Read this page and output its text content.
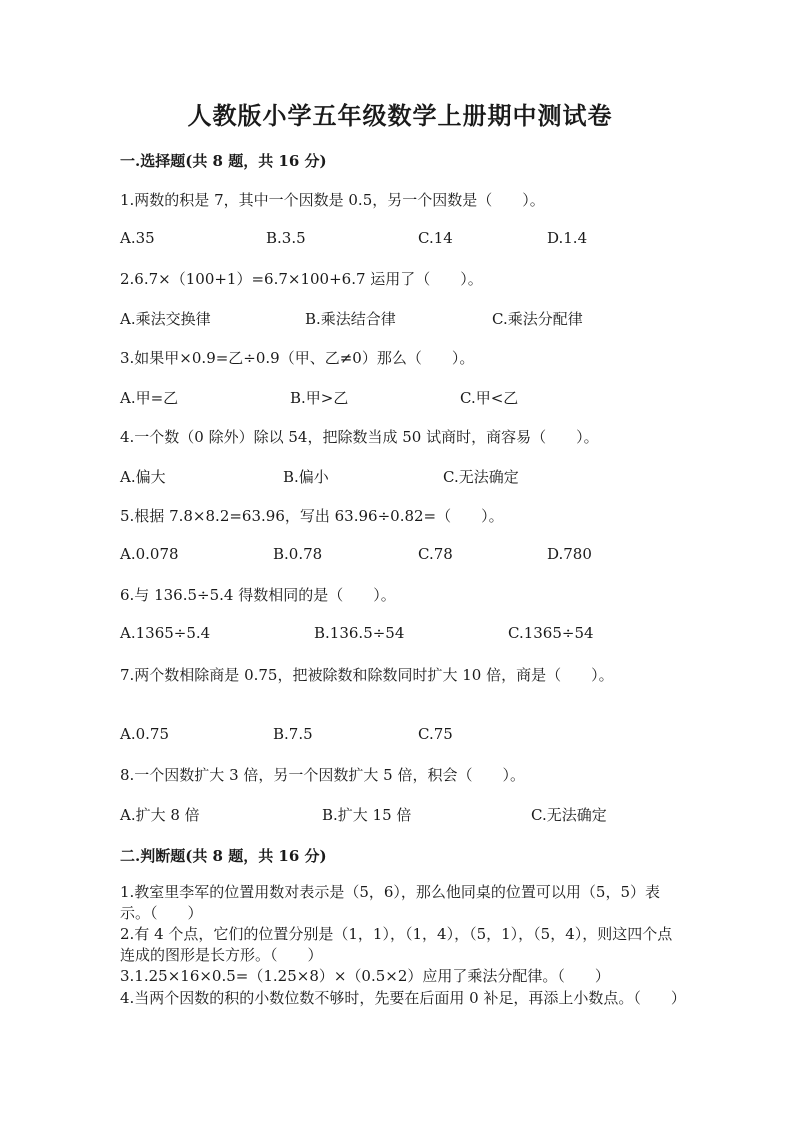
人教版小学五年级数学上册期中测试卷
一.选择题(共 8 题，共 16 分)
1.两数的积是 7，其中一个因数是 0.5，另一个因数是（　　）。
A.35	B.3.5	C.14	D.1.4
2.6.7×（100+1）=6.7×100+6.7 运用了（　　）。
A.乘法交换律	B.乘法结合律	C.乘法分配律
3.如果甲×0.9=乙÷0.9（甲、乙≠0）那么（　　）。
A.甲=乙	B.甲>乙	C.甲<乙
4.一个数（0 除外）除以 54，把除数当成 50 试商时，商容易（　　）。
A.偏大	B.偏小	C.无法确定
5.根据 7.8×8.2=63.96，写出 63.96÷0.82=（　　）。
A.0.078	B.0.78	C.78	D.780
6.与 136.5÷5.4 得数相同的是（　　）。
A.1365÷5.4	B.136.5÷54	C.1365÷54
7.两个数相除商是 0.75，把被除数和除数同时扩大 10 倍，商是（　　）。
A.0.75	B.7.5	C.75
8.一个因数扩大 3 倍，另一个因数扩大 5 倍，积会（　　）。
A.扩大 8 倍	B.扩大 15 倍	C.无法确定
二.判断题(共 8 题，共 16 分)
1.教室里李军的位置用数对表示是（5，6），那么他同桌的位置可以用（5，5）表示。（　　）
2.有 4 个点，它们的位置分别是（1，1），（1，4），（5，1），（5，4），则这四个点连成的图形是长方形。（　　）
3.1.25×16×0.5=（1.25×8）×（0.5×2）应用了乘法分配律。（　　）
4.当两个因数的积的小数位数不够时，先要在后面用 0 补足，再添上小数点。（　　）
